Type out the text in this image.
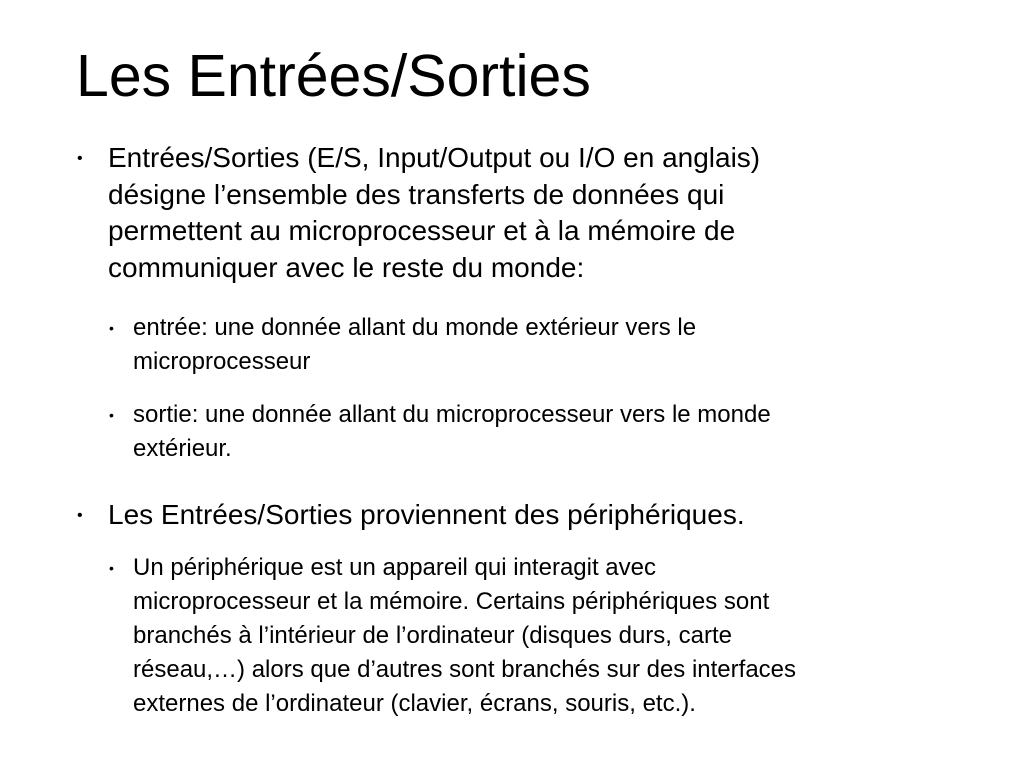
Les Entrées/Sorties
• Entrées/Sorties (E/S, Input/Output ou I/O en anglais)
désigne l’ensemble des transferts de données qui
permettent au microprocesseur et à la mémoire de
communiquer avec le reste du monde:
• entrée: une donnée allant du monde extérieur vers le
microprocesseur
• sortie: une donnée allant du microprocesseur vers le monde
extérieur.
• Les Entrées/Sorties proviennent des périphériques.
• Un périphérique est un appareil qui interagit avec
microprocesseur et la mémoire. Certains périphériques sont
branchés à l’intérieur de l’ordinateur (disques durs, carte
réseau,…) alors que d’autres sont branchés sur des interfaces
externes de l’ordinateur (clavier, écrans, souris, etc.).
